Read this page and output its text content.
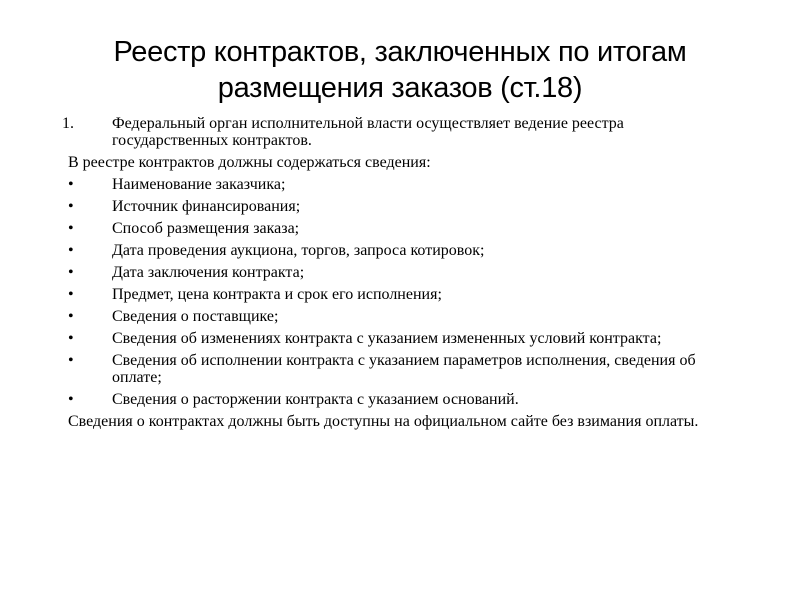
Реестр контрактов, заключенных по итогам
размещения заказов (ст.18)
1. Федеральный орган исполнительной власти осуществляет ведение реестра государственных контрактов.
В реестре контрактов должны содержаться сведения:
• Наименование заказчика;
• Источник финансирования;
• Способ размещения заказа;
• Дата проведения аукциона, торгов, запроса котировок;
• Дата заключения контракта;
• Предмет, цена контракта и срок его исполнения;
• Сведения о поставщике;
• Сведения об изменениях контракта с указанием измененных условий контракта;
• Сведения об исполнении контракта с указанием параметров исполнения, сведения об оплате;
• Сведения о расторжении контракта с указанием оснований.
Сведения о контрактах должны быть доступны на официальном сайте без взимания оплаты.
